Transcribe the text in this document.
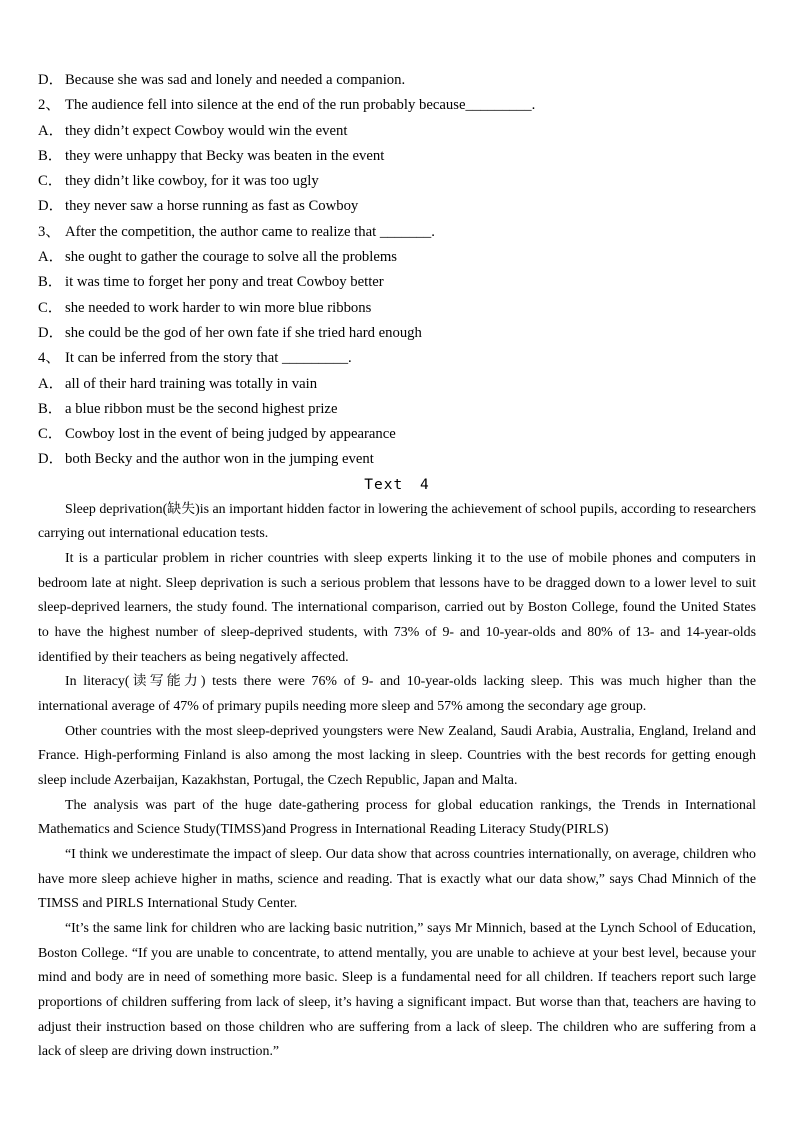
D． Because she was sad and lonely and needed a companion.
2、 The audience fell into silence at the end of the run probably because_________.
A． they didn’t expect Cowboy would win the event
B． they were unhappy that Becky was beaten in the event
C． they didn’t like cowboy, for it was too ugly
D． they never saw a horse running as fast as Cowboy
3、 After the competition, the author came to realize that _______.
A． she ought to gather the courage to solve all the problems
B． it was time to forget her pony and treat Cowboy better
C． she needed to work harder to win more blue ribbons
D． she could be the god of her own fate if she tried hard enough
4、 It can be inferred from the story that _________.
A． all of their hard training was totally in vain
B． a blue ribbon must be the second highest prize
C． Cowboy lost in the event of being judged by appearance
D． both Becky and the author won in the jumping event
Text 4

Sleep deprivation(缺失)is an important hidden factor in lowering the achievement of school pupils, according to researchers carrying out international education tests.

It is a particular problem in richer countries with sleep experts linking it to the use of mobile phones and computers in bedroom late at night. Sleep deprivation is such a serious problem that lessons have to be dragged down to a lower level to suit sleep-deprived learners, the study found. The international comparison, carried out by Boston College, found the United States to have the highest number of sleep-deprived students, with 73% of 9- and 10-year-olds and 80% of 13- and 14-year-olds identified by their teachers as being negatively affected.

In literacy(读写能力) tests there were 76% of 9- and 10-year-olds lacking sleep. This was much higher than the international average of 47% of primary pupils needing more sleep and 57% among the secondary age group.

Other countries with the most sleep-deprived youngsters were New Zealand, Saudi Arabia, Australia, England, Ireland and France. High-performing Finland is also among the most lacking in sleep. Countries with the best records for getting enough sleep include Azerbaijan, Kazakhstan, Portugal, the Czech Republic, Japan and Malta.

The analysis was part of the huge date-gathering process for global education rankings, the Trends in International Mathematics and Science Study(TIMSS)and Progress in International Reading Literacy Study(PIRLS)

“I think we underestimate the impact of sleep. Our data show that across countries internationally, on average, children who have more sleep achieve higher in maths, science and reading. That is exactly what our data show,” says Chad Minnich of the TIMSS and PIRLS International Study Center.

“It’s the same link for children who are lacking basic nutrition,” says Mr Minnich, based at the Lynch School of Education, Boston College. “If you are unable to concentrate, to attend mentally, you are unable to achieve at your best level, because your mind and body are in need of something more basic. Sleep is a fundamental need for all children. If teachers report such large proportions of children suffering from lack of sleep, it’s having a significant impact. But worse than that, teachers are having to adjust their instruction based on those children who are suffering from a lack of sleep. The children who are suffering from a lack of sleep are driving down instruction.”
